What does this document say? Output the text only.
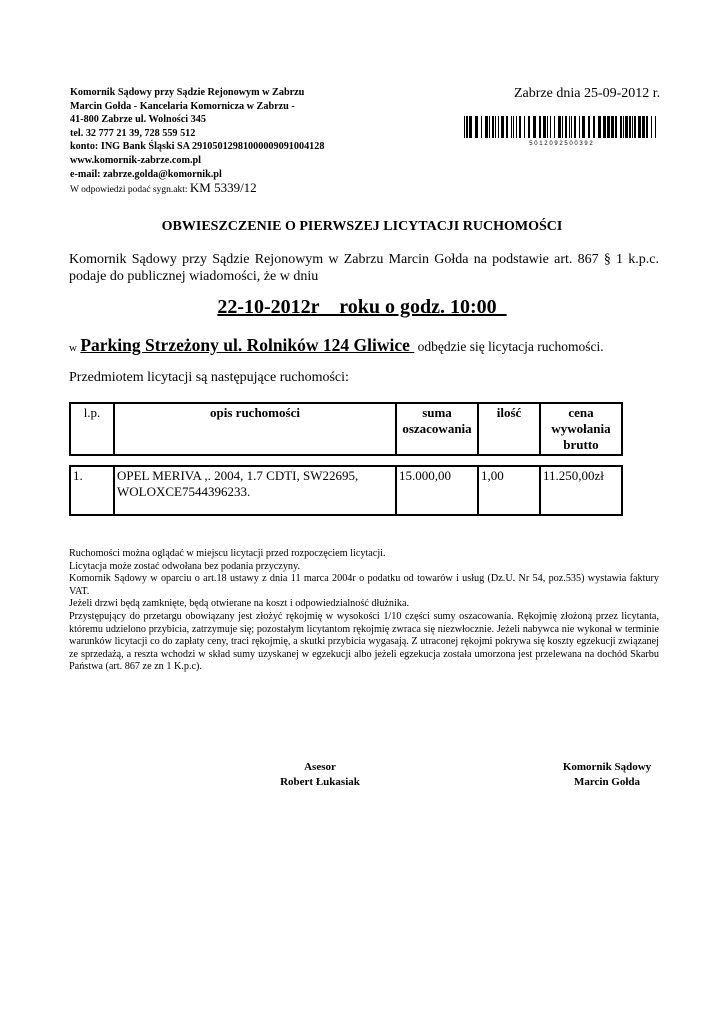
Komornik Sądowy przy Sądzie Rejonowym w Zabrzu
Marcin Gołda - Kancelaria Komornicza w Zabrzu -
41-800 Zabrze ul. Wolności 345
tel. 32 777 21 39, 728 559 512
konto: ING Bank Śląski SA 29105012981000009091004128
www.komornik-zabrze.com.pl
e-mail: zabrze.golda@komornik.pl
W odpowiedzi podać sygn.akt: KM 5339/12
Zabrze dnia 25-09-2012 r.
5 0 1 2 0 9 2 5 0 0 3 9 2
OBWIESZCZENIE O PIERWSZEJ LICYTACJI RUCHOMOŚCI
Komornik Sądowy przy Sądzie Rejonowym w Zabrzu Marcin Gołda na podstawie art. 867 § 1 k.p.c. podaje do publicznej wiadomości, że w dniu
22-10-2012r    roku o godz. 10:00
w Parking Strzeżony ul. Rolników 124 Gliwice  odbędzie się licytacja ruchomości.
Przedmiotem licytacji są następujące ruchomości:
l.p.	opis ruchomości	suma oszacowania	ilość	cena wywołania brutto
1.	OPEL MERIVA ,. 2004, 1.7 CDTI, SW22695, WOLOXCE7544396233.	15.000,00	1,00	11.250,00zł
Ruchomości można oglądać w miejscu licytacji przed rozpoczęciem licytacji.
Licytacja może zostać odwołana bez podania przyczyny.
Komornik Sądowy w oparciu o art.18 ustawy z dnia 11 marca 2004r o podatku od towarów i usług (Dz.U. Nr 54, poz.535) wystawia faktury VAT.
Jeżeli drzwi będą zamknięte, będą otwierane na koszt i odpowiedzialność dłużnika.
Przystępujący do przetargu obowiązany jest złożyć rękojmię w wysokości 1/10 części sumy oszacowania. Rękojmię złożoną przez licytanta, któremu udzielono przybicia, zatrzymuje się; pozostałym licytantom rękojmię zwraca się niezwłocznie. Jeżeli nabywca nie wykonał w terminie warunków licytacji co do zapłaty ceny, traci rękojmię, a skutki przybicia wygasają. Z utraconej rękojmi pokrywa się koszty egzekucji związanej ze sprzedażą, a reszta wchodzi w skład sumy uzyskanej w egzekucji albo jeżeli egzekucja została umorzona jest przelewana na dochód Skarbu Państwa (art. 867 ze zn 1 K.p.c).
Asesor
Robert Łukasiak
Komornik Sądowy
Marcin Gołda
